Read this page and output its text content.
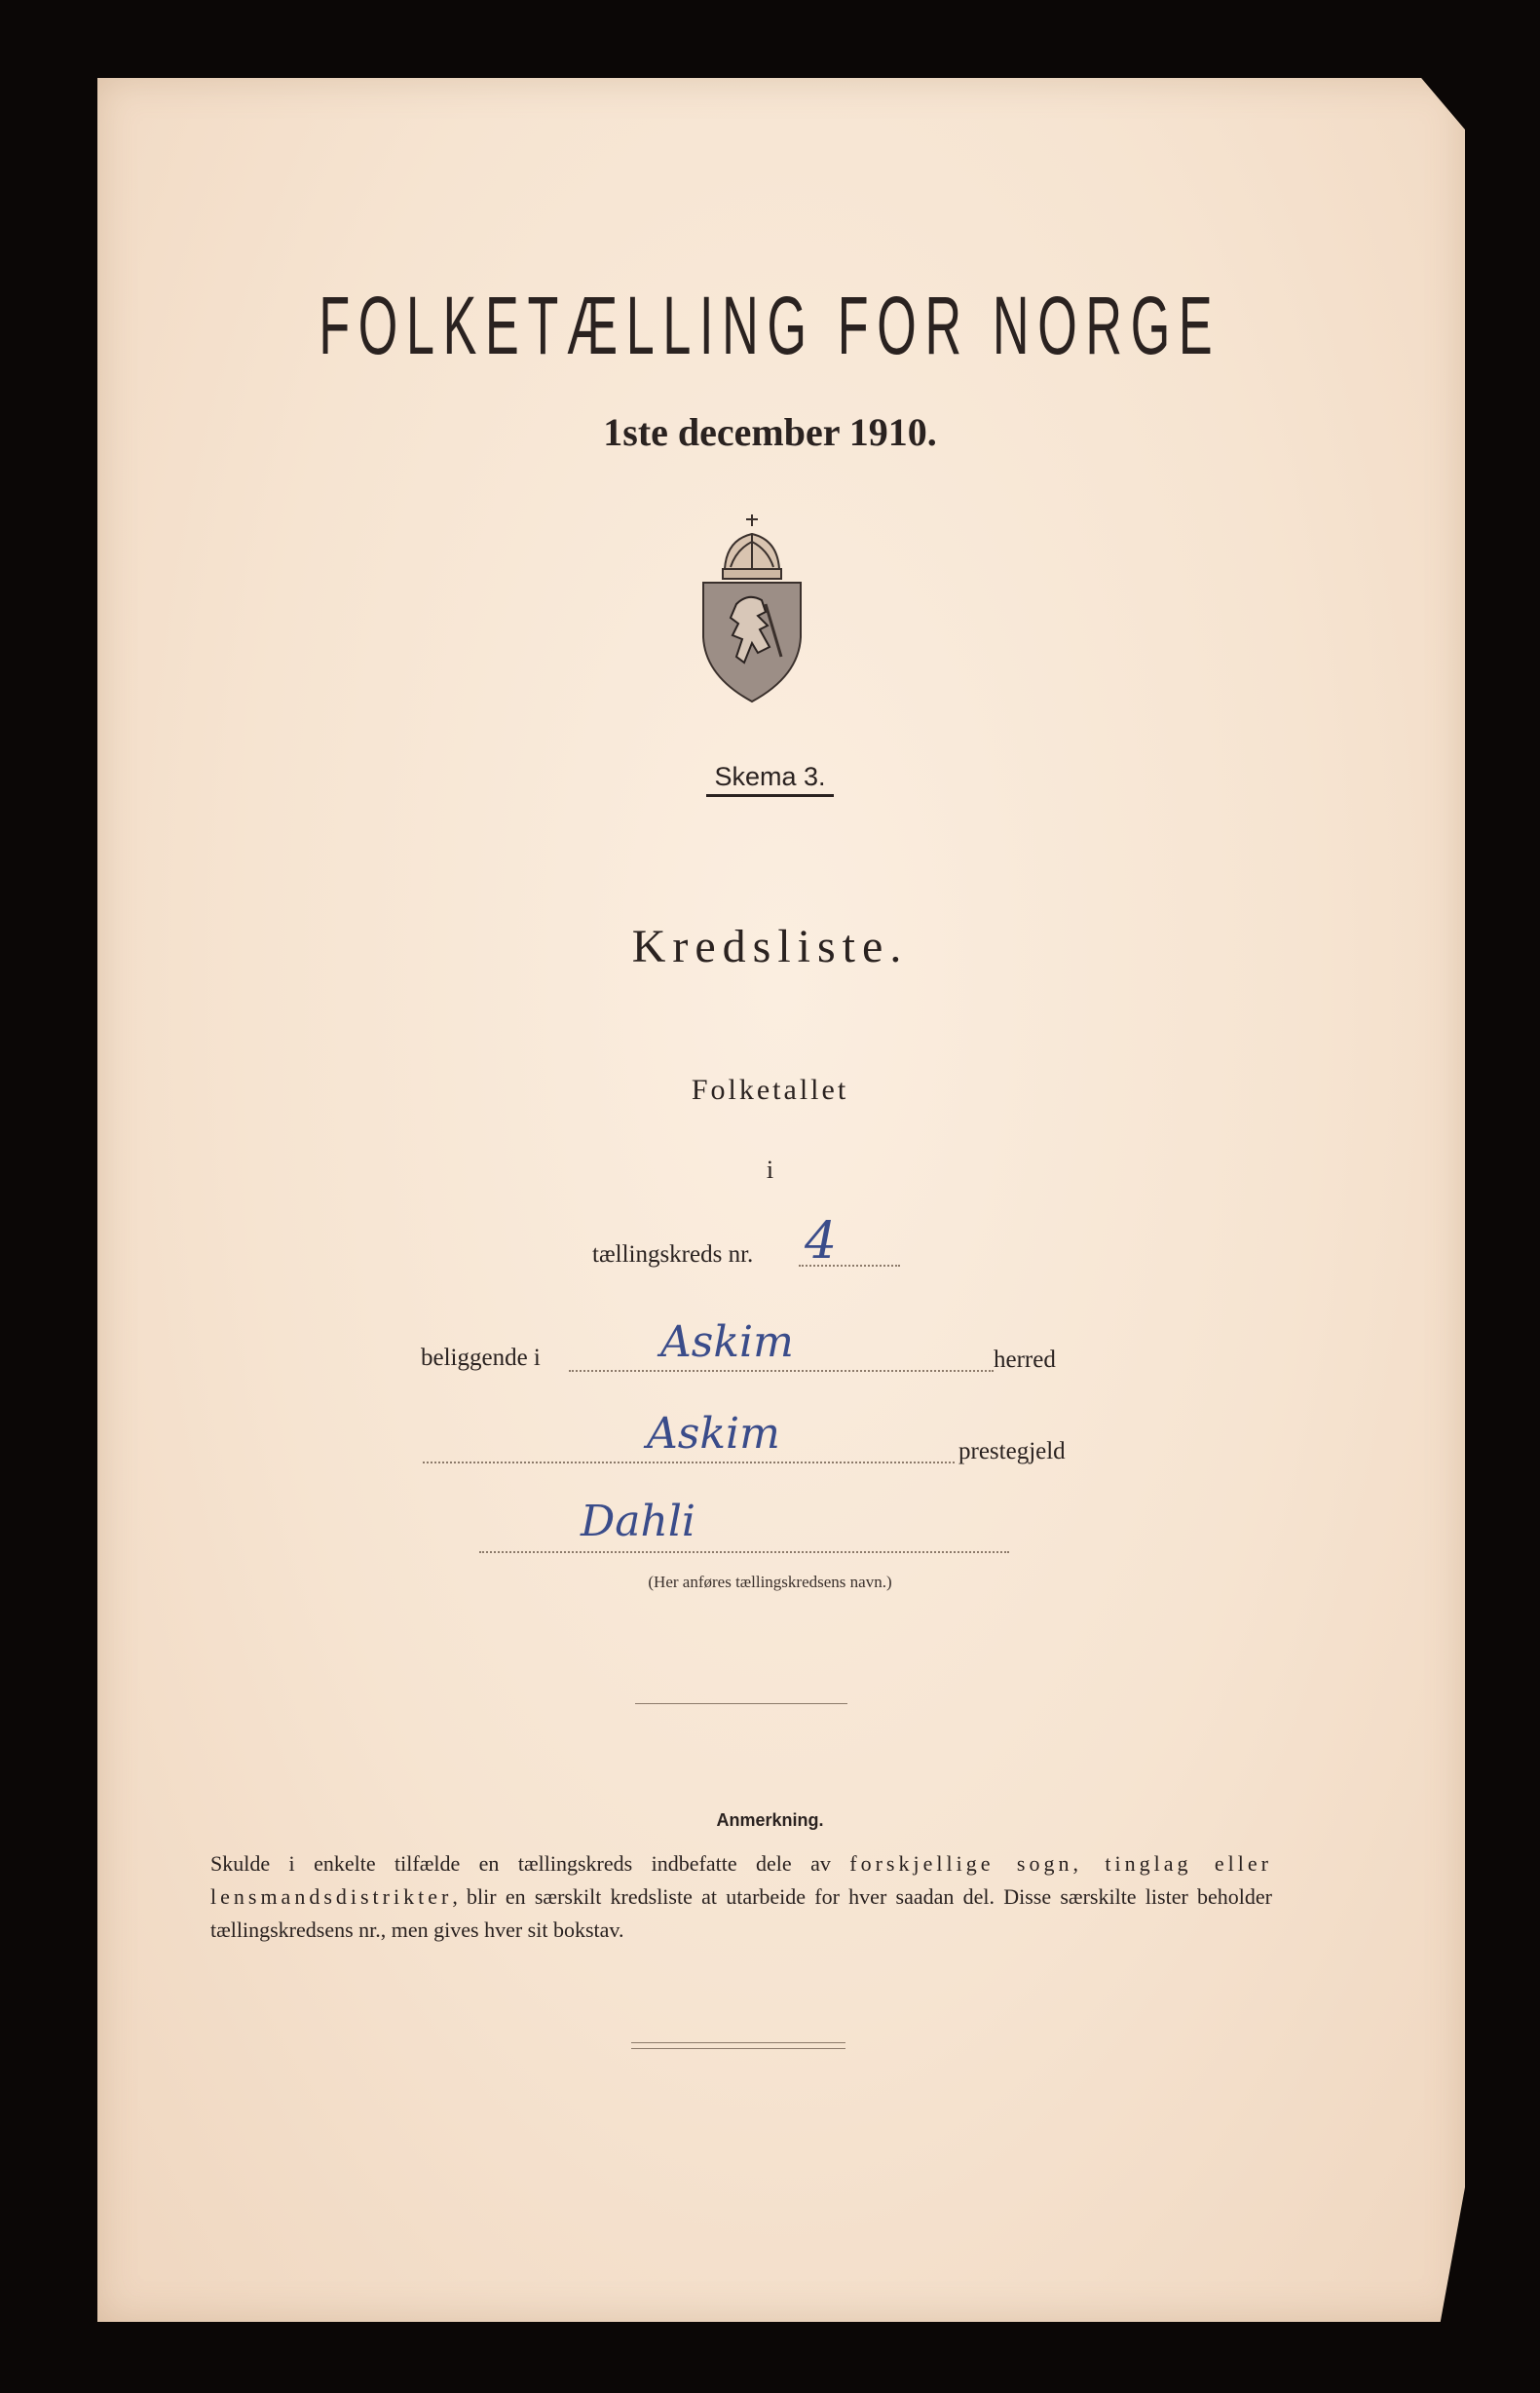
FOLKETÆLLING FOR NORGE
1ste december 1910.
Skema 3.
Kredsliste.
Folketallet
i
tællingskreds nr. 4
beliggende i	Askim	herred
Askim	prestegjeld
Dahli
(Her anføres tællingskredsens navn.)
Anmerkning.
Skulde i enkelte tilfælde en tællingskreds indbefatte dele av forskjellige sogn, tinglag eller lensmandsdistrikter, blir en særskilt kredsliste at utarbeide for hver saadan del. Disse særskilte lister beholder tællingskredsens nr., men gives hver sit bokstav.
